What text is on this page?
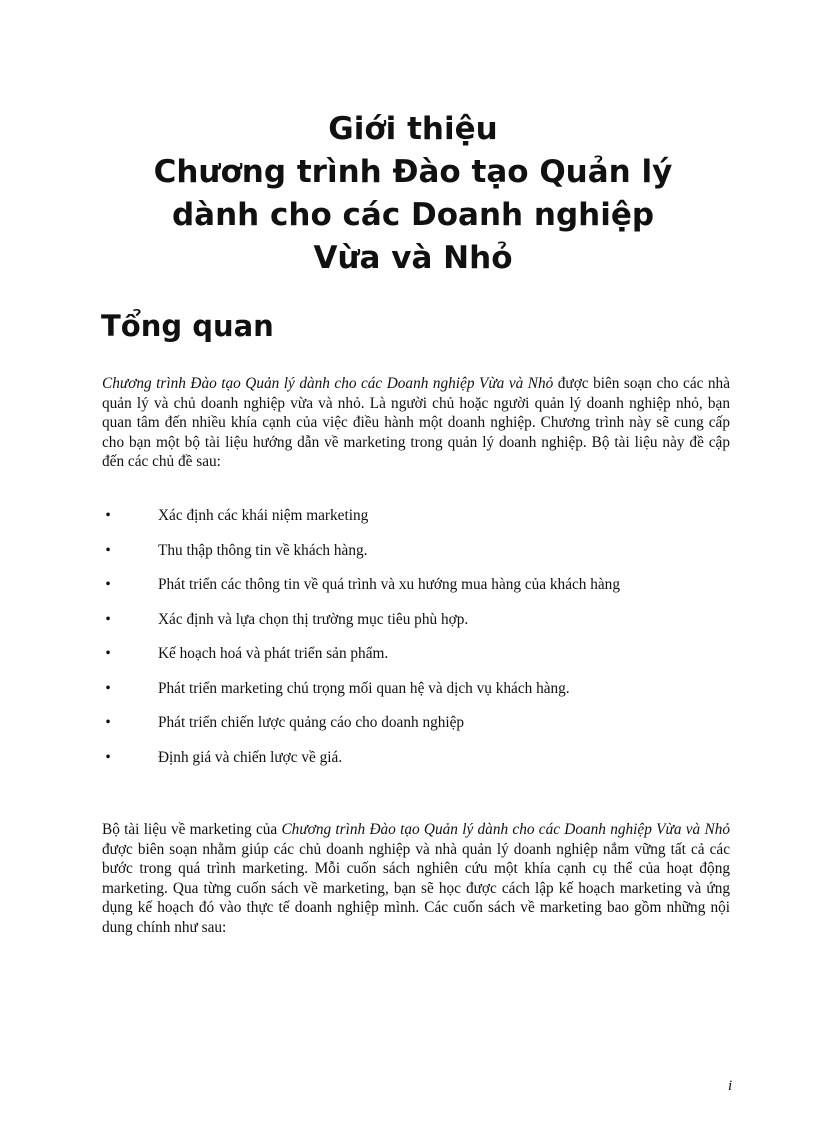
Giới thiệu
Chương trình Đào tạo Quản lý
dành cho các Doanh nghiệp
Vừa và Nhỏ
Tổng quan

Chương trình Đào tạo Quản lý dành cho các Doanh nghiệp Vừa và Nhỏ được biên soạn cho các nhà quản lý và chủ doanh nghiệp vừa và nhỏ. Là người chủ hoặc người quản lý doanh nghiệp nhỏ, bạn quan tâm đến nhiều khía cạnh của việc điều hành một doanh nghiệp. Chương trình này sẽ cung cấp cho bạn một bộ tài liệu hướng dẫn về marketing trong quản lý doanh nghiệp. Bộ tài liệu này đề cập đến các chủ đề sau:

•	Xác định các khái niệm marketing
•	Thu thập thông tin về khách hàng.
•	Phát triển các thông tin về quá trình và xu hướng mua hàng của khách hàng
•	Xác định và lựa chọn thị trường mục tiêu phù hợp.
•	Kế hoạch hoá và phát triển sản phẩm.
•	Phát triển marketing chú trọng mối quan hệ và dịch vụ khách hàng.
•	Phát triển chiến lược quảng cáo cho doanh nghiệp
•	Định giá và chiến lược về giá.

Bộ tài liệu về marketing của Chương trình Đào tạo Quản lý dành cho các Doanh nghiệp Vừa và Nhỏ được biên soạn nhằm giúp các chủ doanh nghiệp và nhà quản lý doanh nghiệp nắm vững tất cả các bước trong quá trình marketing. Mỗi cuốn sách nghiên cứu một khía cạnh cụ thể của hoạt động marketing. Qua từng cuốn sách về marketing, bạn sẽ học được cách lập kế hoạch marketing và ứng dụng kế hoạch đó vào thực tế doanh nghiệp mình. Các cuốn sách về marketing bao gồm những nội dung chính như sau:

i
